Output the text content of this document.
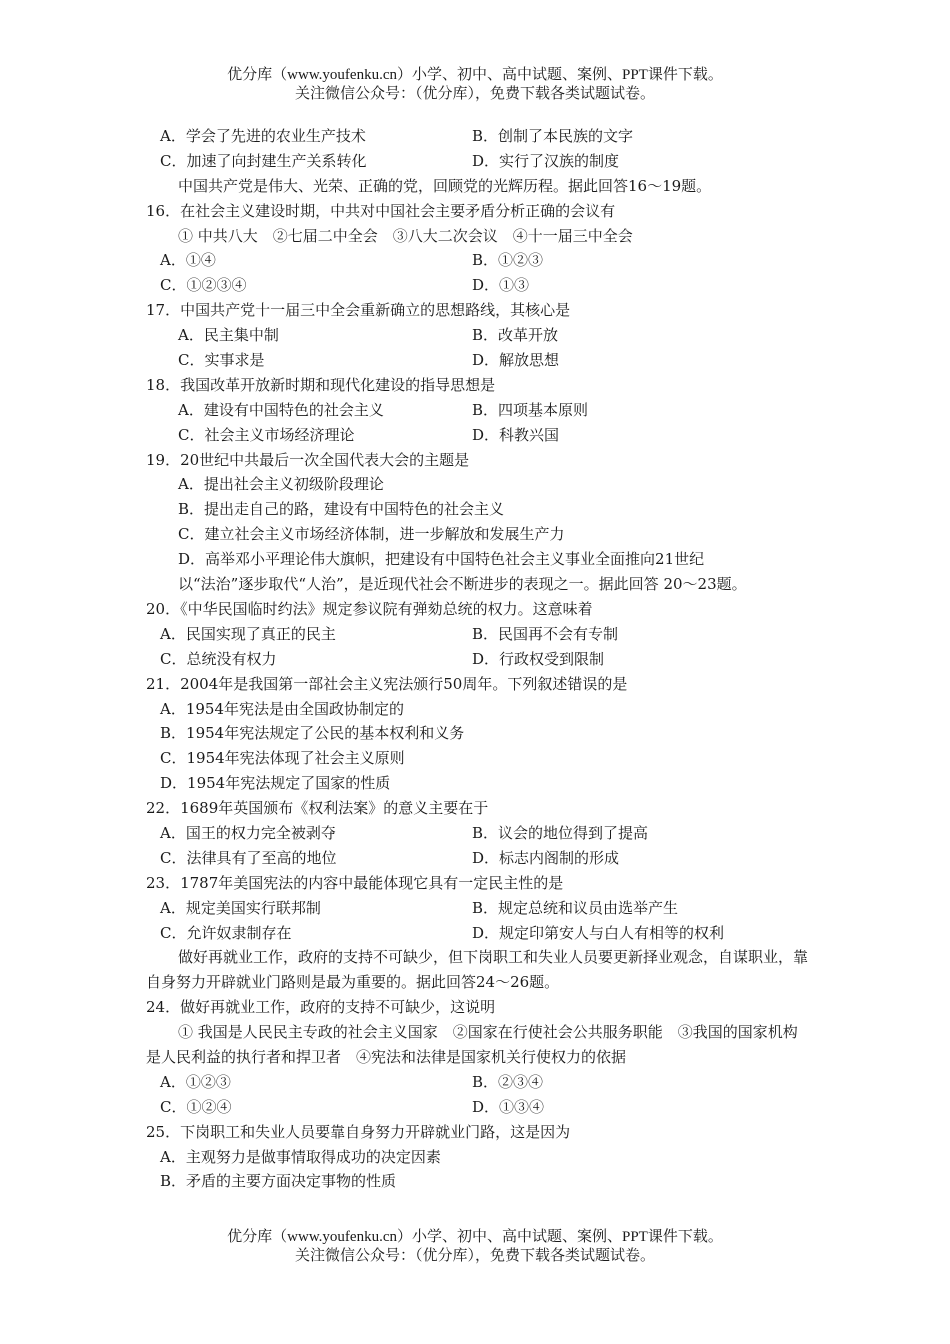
优分库（www.youfenku.cn）小学、初中、高中试题、案例、PPT课件下载。
关注微信公众号：（优分库），免费下载各类试题试卷。
A．学会了先进的农业生产技术	B．创制了本民族的文字
C．加速了向封建生产关系转化	D．实行了汉族的制度
中国共产党是伟大、光荣、正确的党，回顾党的光辉历程。据此回答16～19题。
16．在社会主义建设时期，中共对中国社会主要矛盾分析正确的会议有
① 中共八大　②七届二中全会　③八大二次会议　④十一届三中全会
A．①④	B．①②③
C．①②③④	D．①③
17．中国共产党十一届三中全会重新确立的思想路线，其核心是
A．民主集中制	B．改革开放
C．实事求是	D．解放思想
18．我国改革开放新时期和现代化建设的指导思想是
A．建设有中国特色的社会主义	B．四项基本原则
C．社会主义市场经济理论	D．科教兴国
19．20世纪中共最后一次全国代表大会的主题是
A．提出社会主义初级阶段理论
B．提出走自己的路，建设有中国特色的社会主义
C．建立社会主义市场经济体制，进一步解放和发展生产力
D．高举邓小平理论伟大旗帜，把建设有中国特色社会主义事业全面推向21世纪
以“法治”逐步取代“人治”，是近现代社会不断进步的表现之一。据此回答 20～23题。
20．《中华民国临时约法》规定参议院有弹劾总统的权力。这意味着
A．民国实现了真正的民主	B．民国再不会有专制
C．总统没有权力	D．行政权受到限制
21．2004年是我国第一部社会主义宪法颁行50周年。下列叙述错误的是
A．1954年宪法是由全国政协制定的
B．1954年宪法规定了公民的基本权利和义务
C．1954年宪法体现了社会主义原则
D．1954年宪法规定了国家的性质
22．1689年英国颁布《权利法案》的意义主要在于
A．国王的权力完全被剥夺	B．议会的地位得到了提高
C．法律具有了至高的地位	D．标志内阁制的形成
23．1787年美国宪法的内容中最能体现它具有一定民主性的是
A．规定美国实行联邦制	B．规定总统和议员由选举产生
C．允许奴隶制存在	D．规定印第安人与白人有相等的权利
做好再就业工作，政府的支持不可缺少，但下岗职工和失业人员要更新择业观念，自谋职业，靠自身努力开辟就业门路则是最为重要的。据此回答24～26题。
24．做好再就业工作，政府的支持不可缺少，这说明
① 我国是人民民主专政的社会主义国家　②国家在行使社会公共服务职能　③我国的国家机构是人民利益的执行者和捍卫者　④宪法和法律是国家机关行使权力的依据
A．①②③	B．②③④
C．①②④	D．①③④
25．下岗职工和失业人员要靠自身努力开辟就业门路，这是因为
A．主观努力是做事情取得成功的决定因素
B．矛盾的主要方面决定事物的性质
优分库（www.youfenku.cn）小学、初中、高中试题、案例、PPT课件下载。
关注微信公众号：（优分库），免费下载各类试题试卷。
